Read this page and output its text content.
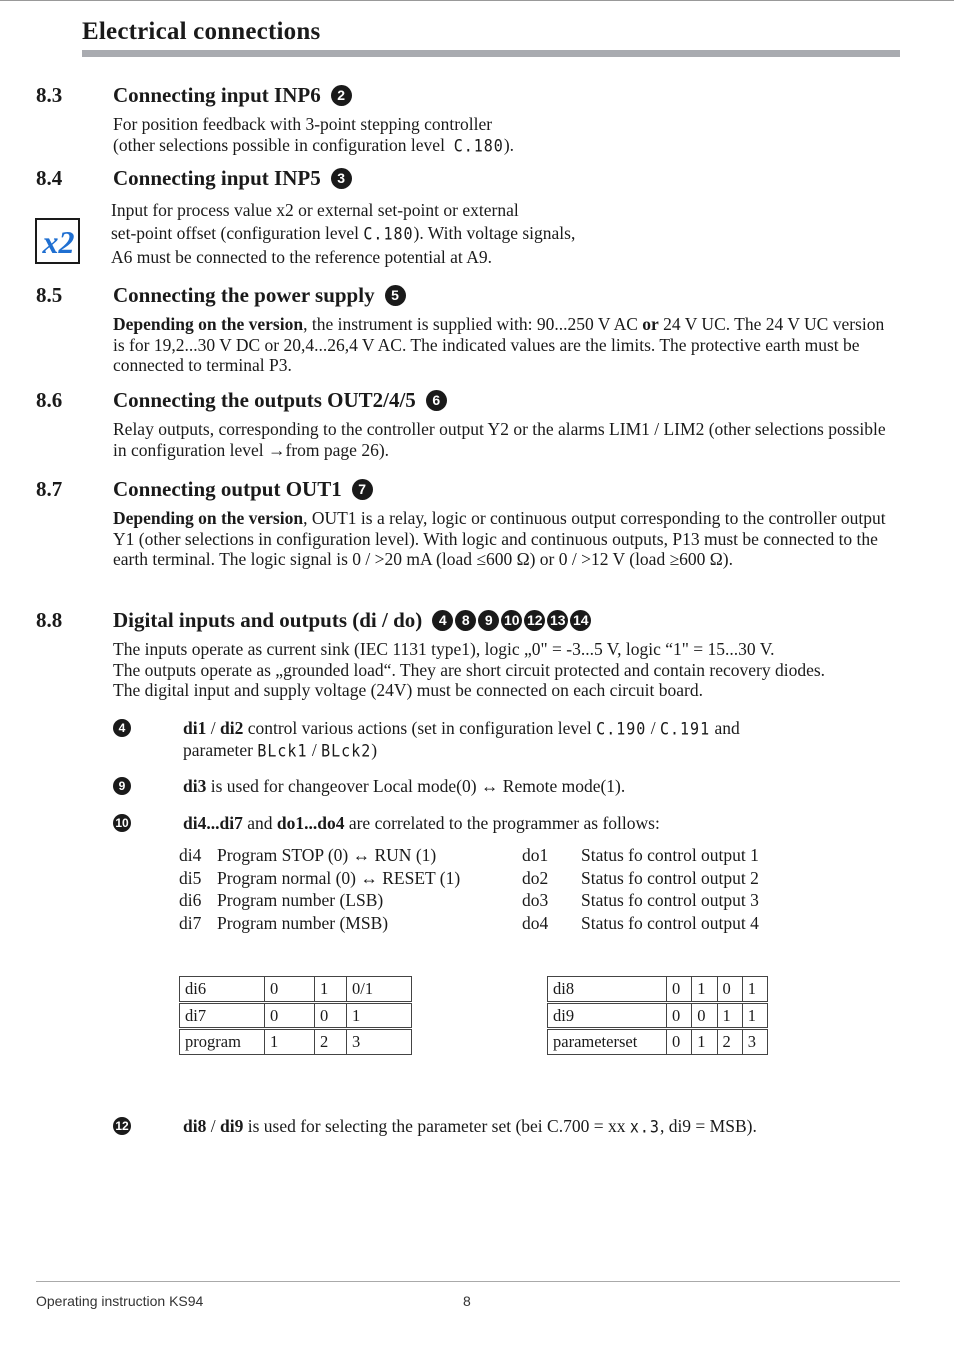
Electrical connections
8.3 Connecting input INP6 2
For position feedback with 3-point stepping controller
(other selections possible in configuration level C.180).
8.4 Connecting input INP5 3
x2
Input for process value x2 or external set-point or external
set-point offset (configuration level C.180). With voltage signals,
A6 must be connected to the reference potential at A9.
8.5 Connecting the power supply 5
Depending on the version, the instrument is supplied with: 90...250 V AC or 24 V UC. The 24 V UC version is for 19,2...30 V DC or 20,4...26,4 V AC. The indicated values are the limits. The protective earth must be connected to terminal P3.
8.6 Connecting the outputs OUT2/4/5 6
Relay outputs, corresponding to the controller output Y2 or the alarms LIM1 / LIM2 (other selections possible in configuration level →from page 26).
8.7 Connecting output OUT1 7
Depending on the version, OUT1 is a relay, logic or continuous output corresponding to the controller output Y1 (other selections in configuration level). With logic and continuous outputs, P13 must be connected to the earth terminal. The logic signal is 0 / >20 mA (load ≤600 Ω) or 0 / >12 V (load ≥600 Ω).
8.8 Digital inputs and outputs (di / do) 4 8 9 10 12 13 14
The inputs operate as current sink (IEC 1131 type1), logic „0" = -3...5 V, logic “1" = 15...30 V.
The outputs operate as „grounded load“. They are short circuit protected and contain recovery diodes.
The digital input and supply voltage (24V) must be connected on each circuit board.
4	di1 / di2 control various actions (set in configuration level C.190 / C.191 and
parameter BLck1 / BLck2)
9	di3 is used for changeover Local mode(0) ↔ Remote mode(1).
10	di4...di7 and do1...do4 are correlated to the programmer as follows:
di4 Program STOP (0) ↔ RUN (1)
di5 Program normal (0) ↔ RESET (1)
di6 Program number (LSB)
di7 Program number (MSB)
do1 Status fo control output 1
do2 Status fo control output 2
do3 Status fo control output 3
do4 Status fo control output 4
di6	0	1	0/1
di7	0	0	1
program	1	2	3
di8	0	1	0	1
di9	0	0	1	1
parameterset	0	1	2	3
12	di8 / di9 is used for selecting the parameter set (bei C.700 = xx x.3, di9 = MSB).
Operating instruction KS94	8
